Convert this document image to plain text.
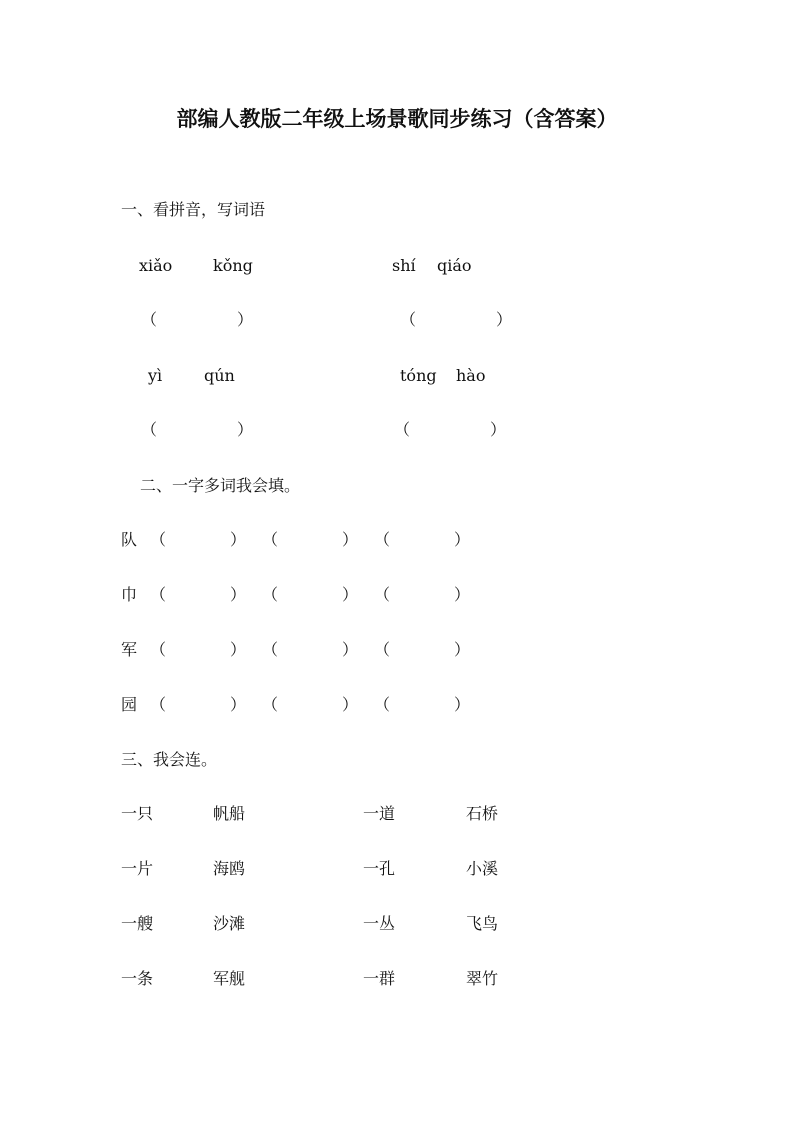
部编人教版二年级上场景歌同步练习（含答案）
一、看拼音，写词语
xiǎo	kǒng	shí qiáo
（　　　　　）	（　　　　　）
yì	qún	tóng hào
（　　　　　）	（　　　　　）
二、一字多词我会填。
队 （　　　　） （　　　　） （　　　　）
巾 （　　　　） （　　　　） （　　　　）
军 （　　　　） （　　　　） （　　　　）
园 （　　　　） （　　　　） （　　　　）
三、我会连。
一只	帆船	一道	石桥
一片	海鸥	一孔	小溪
一艘	沙滩	一丛	飞鸟
一条	军舰	一群	翠竹
